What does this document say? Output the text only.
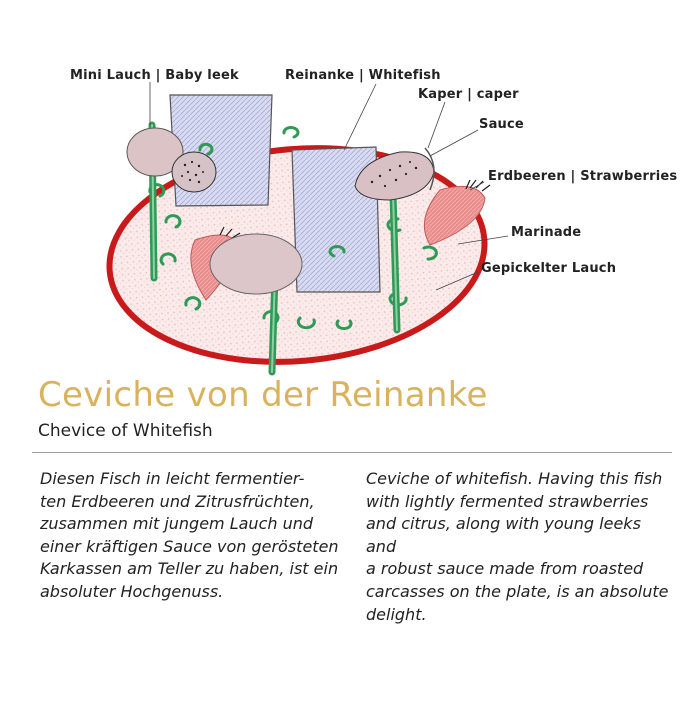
Mini Lauch | Baby leek	Reinanke | Whitefish
Kaper | caper
Sauce
Erdbeeren | Strawberries
Marinade
Gepickelter Lauch
Ceviche von der Reinanke
Chevice of Whitefish

Diesen Fisch in leicht fermentier-
ten Erdbeeren und Zitrusfrüchten,
zusammen mit jungem Lauch und
einer kräftigen Sauce von gerösteten
Karkassen am Teller zu haben, ist ein
absoluter Hochgenuss.

Ceviche of whitefish. Having this fish
with lightly fermented strawberries
and citrus, along with young leeks and
a robust sauce made from roasted
carcasses on the plate, is an absolute
delight.
